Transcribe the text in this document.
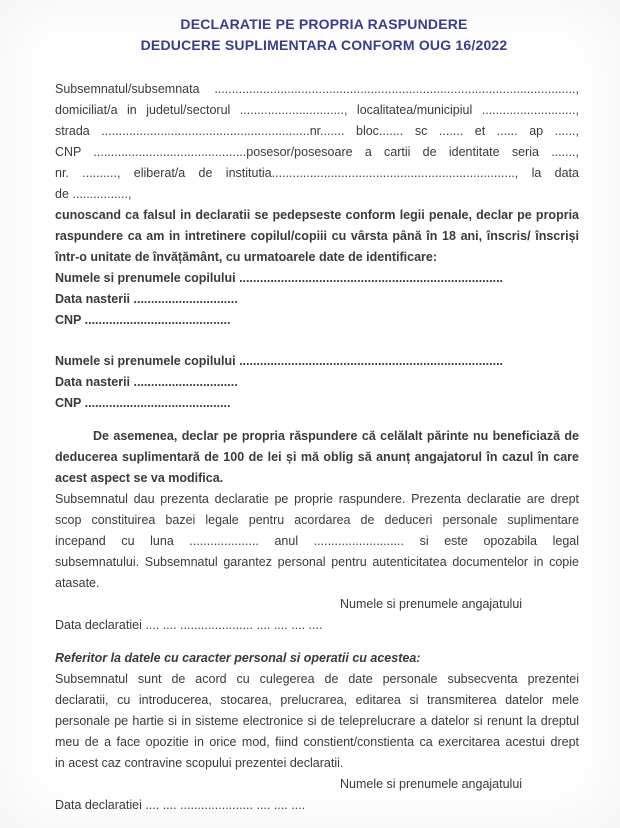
DECLARATIE PE PROPRIA RASPUNDERE
DEDUCERE SUPLIMENTARA CONFORM OUG 16/2022
Subsemnatul/subsemnata ........................................................................................................,
domiciliat/a in judetul/sectorul .............................., localitatea/municipiul ...........................,
strada ............................................................nr....... bloc....... sc ....... et ...... ap ......,
CNP ............................................posesor/posesoare a cartii de identitate seria .......,
nr. .........., eliberat/a de institutia......................................................................, la data
de ................,
cunoscand ca falsul in declaratii se pedepseste conform legii penale, declar pe propria
raspundere ca am in intretinere copilul/copiii cu vârsta până în 18 ani, înscris/ înscriși
într-o unitate de învățământ, cu urmatoarele date de identificare:
Numele si prenumele copilului ............................................................................
Data nasterii ..............................
CNP ..........................................
Numele si prenumele copilului ............................................................................
Data nasterii ..............................
CNP ..........................................
De asemenea, declar pe propria răspundere că celălalt părinte nu beneficiază de
deducerea suplimentară de 100 de lei și mă oblig să anunț angajatorul în cazul în care
acest aspect se va modifica.
Subsemnatul dau prezenta declaratie pe proprie raspundere. Prezenta declaratie are drept
scop constituirea bazei legale pentru acordarea de deduceri personale suplimentare
incepand cu luna .................... anul .......................... si este opozabila legal
subsemnatului. Subsemnatul garantez personal pentru autenticitatea documentelor in copie
atasate.
Numele si prenumele angajatului
Data declaratiei .... .... ..................... .... .... .... ....
Referitor la datele cu caracter personal si operatii cu acestea:
Subsemnatul sunt de acord cu culegerea de date personale subsecventa prezentei
declaratii, cu introducerea, stocarea, prelucrarea, editarea si transmiterea datelor mele
personale pe hartie si in sisteme electronice si de teleprelucrare a datelor si renunt la dreptul
meu de a face opozitie in orice mod, fiind constient/constienta ca exercitarea acestui drept
in acest caz contravine scopului prezentei declaratii.
Numele si prenumele angajatului
Data declaratiei .... .... ..................... .... .... ....
